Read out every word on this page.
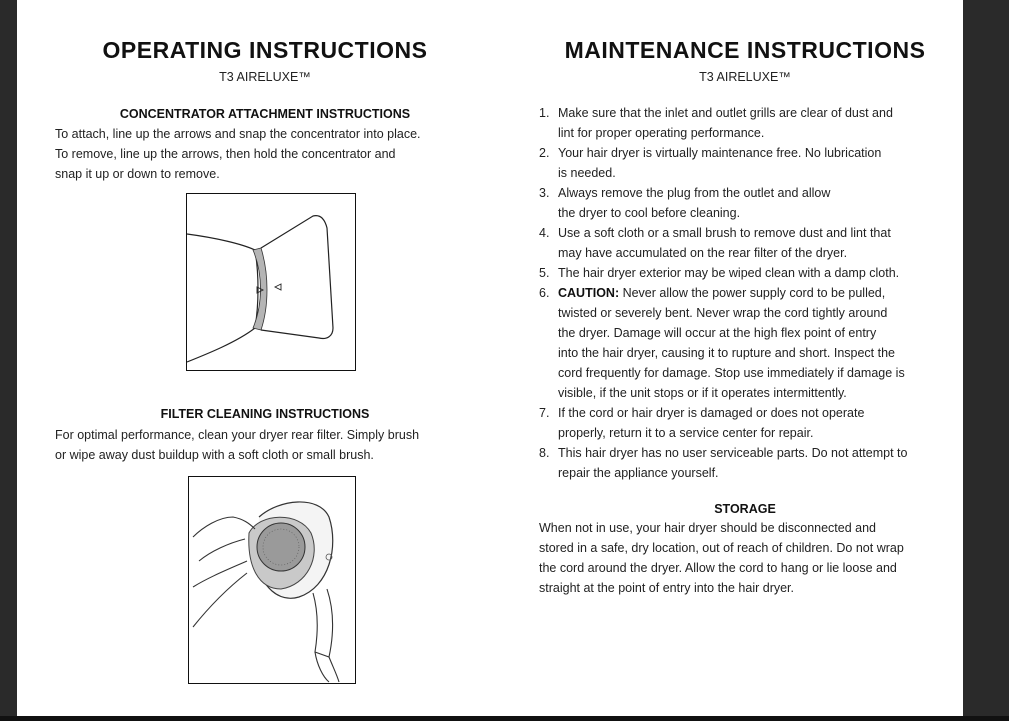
OPERATING INSTRUCTIONS
T3 AIRELUXE™
CONCENTRATOR ATTACHMENT INSTRUCTIONS

To attach, line up the arrows and snap the concentrator into place.

To remove, line up the arrows, then hold the concentrator and

snap it up or down to remove.

FILTER CLEANING INSTRUCTIONS

For optimal performance, clean your dryer rear filter. Simply brush

or wipe away dust buildup with a soft cloth or small brush.

MAINTENANCE INSTRUCTIONS
T3 AIRELUXE™
1. Make sure that the inlet and outlet grills are clear of dust and
lint for proper operating performance.
2. Your hair dryer is virtually maintenance free. No lubrication
is needed.
3. Always remove the plug from the outlet and allow
the dryer to cool before cleaning.
4. Use a soft cloth or a small brush to remove dust and lint that
may have accumulated on the rear filter of the dryer.
5. The hair dryer exterior may be wiped clean with a damp cloth.
6. CAUTION: Never allow the power supply cord to be pulled,
twisted or severely bent. Never wrap the cord tightly around
the dryer. Damage will occur at the high flex point of entry
into the hair dryer, causing it to rupture and short. Inspect the
cord frequently for damage. Stop use immediately if damage is
visible, if the unit stops or if it operates intermittently.
7. If the cord or hair dryer is damaged or does not operate
properly, return it to a service center for repair.
8. This hair dryer has no user serviceable parts. Do not attempt to
repair the appliance yourself.
STORAGE

When not in use, your hair dryer should be disconnected and

stored in a safe, dry location, out of reach of children. Do not wrap

the cord around the dryer. Allow the cord to hang or lie loose and

straight at the point of entry into the hair dryer.
